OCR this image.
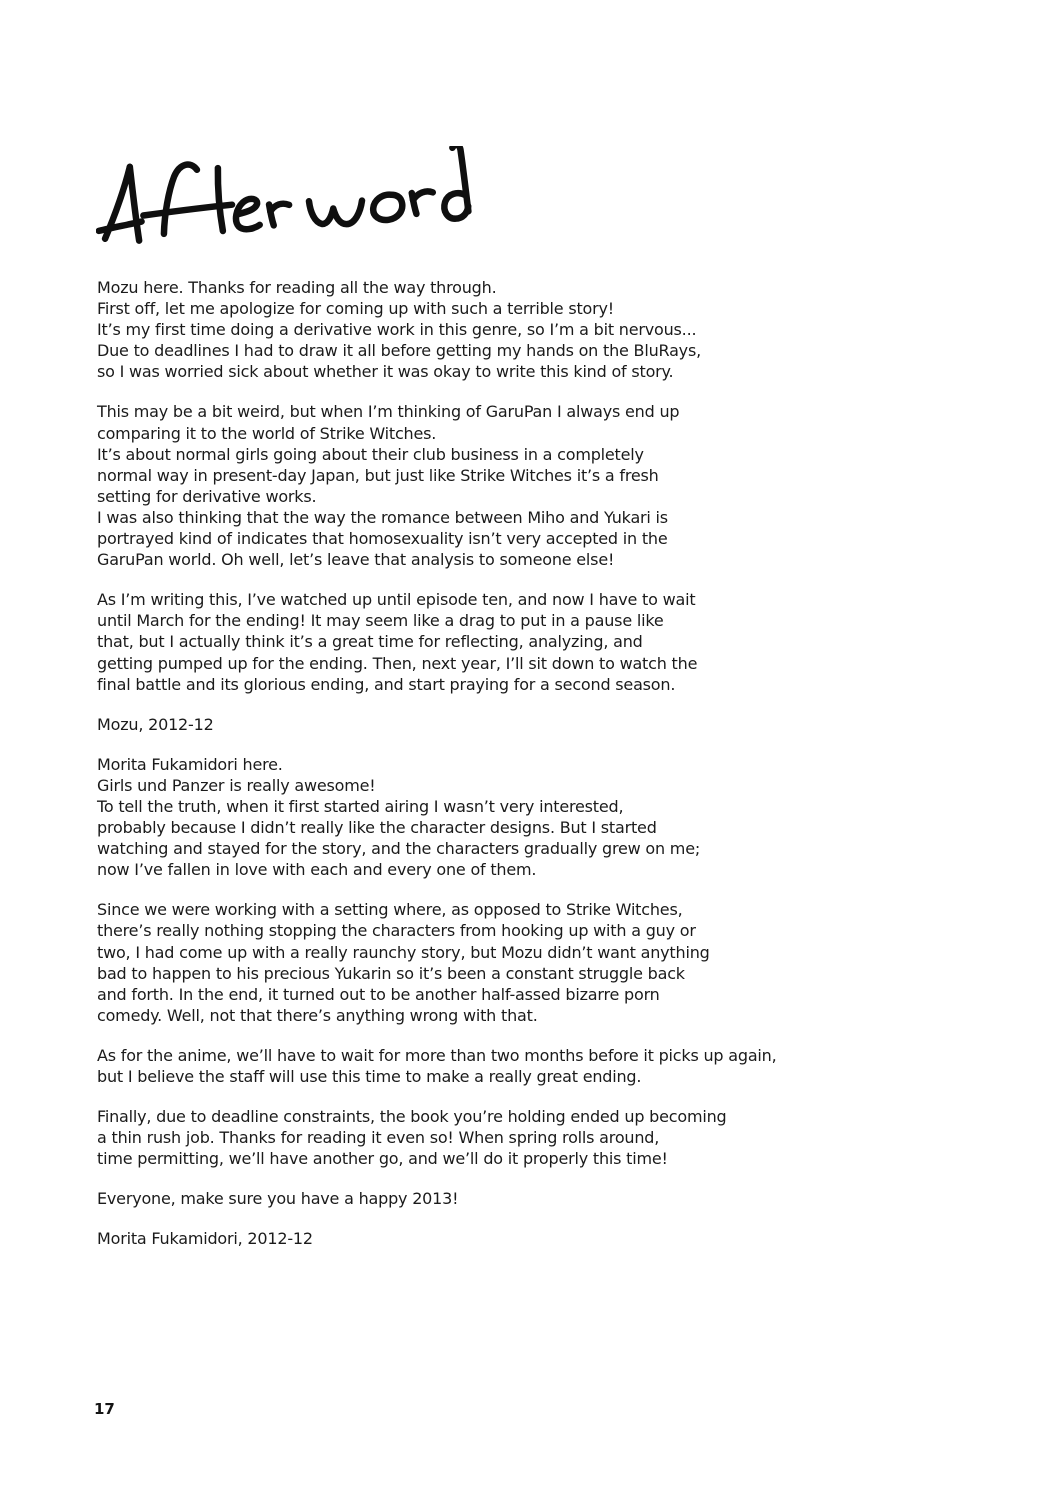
Mozu here. Thanks for reading all the way through.
First off, let me apologize for coming up with such a terrible story!
It’s my first time doing a derivative work in this genre, so I’m a bit nervous...
Due to deadlines I had to draw it all before getting my hands on the BluRays,
so I was worried sick about whether it was okay to write this kind of story.

This may be a bit weird, but when I’m thinking of GaruPan I always end up
comparing it to the world of Strike Witches.
It’s about normal girls going about their club business in a completely
normal way in present-day Japan, but just like Strike Witches it’s a fresh
setting for derivative works.
I was also thinking that the way the romance between Miho and Yukari is
portrayed kind of indicates that homosexuality isn’t very accepted in the
GaruPan world. Oh well, let’s leave that analysis to someone else!

As I’m writing this, I’ve watched up until episode ten, and now I have to wait
until March for the ending! It may seem like a drag to put in a pause like
that, but I actually think it’s a great time for reflecting, analyzing, and
getting pumped up for the ending. Then, next year, I’ll sit down to watch the
final battle and its glorious ending, and start praying for a second season.

Mozu, 2012-12

Morita Fukamidori here.
Girls und Panzer is really awesome!
To tell the truth, when it first started airing I wasn’t very interested,
probably because I didn’t really like the character designs. But I started
watching and stayed for the story, and the characters gradually grew on me;
now I’ve fallen in love with each and every one of them.

Since we were working with a setting where, as opposed to Strike Witches,
there’s really nothing stopping the characters from hooking up with a guy or
two, I had come up with a really raunchy story, but Mozu didn’t want anything
bad to happen to his precious Yukarin so it’s been a constant struggle back
and forth. In the end, it turned out to be another half-assed bizarre porn
comedy. Well, not that there’s anything wrong with that.

As for the anime, we’ll have to wait for more than two months before it picks up again,
but I believe the staff will use this time to make a really great ending.

Finally, due to deadline constraints, the book you’re holding ended up becoming
a thin rush job. Thanks for reading it even so! When spring rolls around,
time permitting, we’ll have another go, and we’ll do it properly this time!

Everyone, make sure you have a happy 2013!

Morita Fukamidori, 2012-12

17
